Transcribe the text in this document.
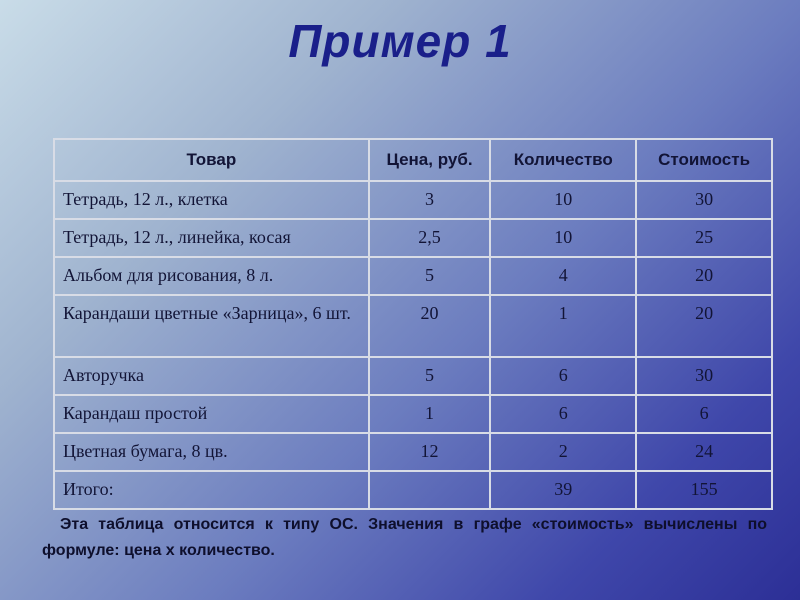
Пример 1
Товар	Цена, руб.	Количество	Стоимость
Тетрадь, 12 л., клетка	3	10	30
Тетрадь, 12 л., линейка, косая	2,5	10	25
Альбом для рисования, 8 л.	5	4	20
Карандаши цветные «Зарница», 6 шт.	20	1	20
Авторучка	5	6	30
Карандаш простой	1	6	6
Цветная бумага, 8 цв.	12	2	24
Итого:		39	155
Эта таблица относится к типу ОС. Значения в графе «стоимость» вычислены по формуле: цена х количество.
